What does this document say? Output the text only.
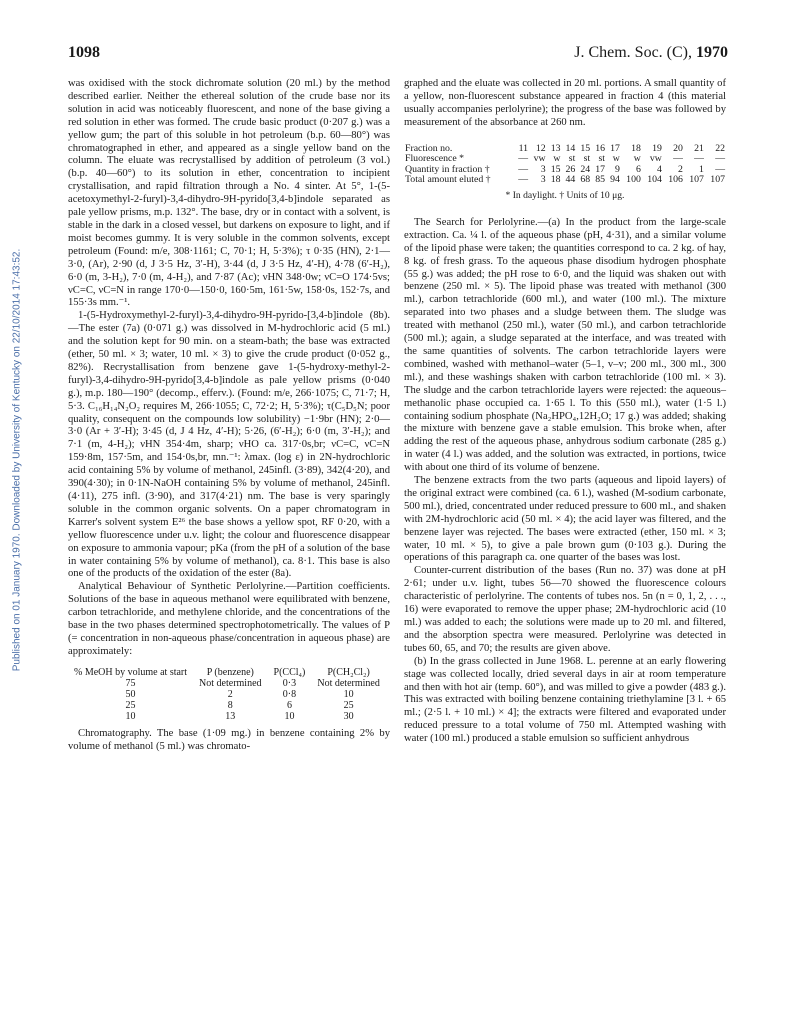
1098	J. Chem. Soc. (C), 1970
Published on 01 January 1970. Downloaded by University of Kentucky on 22/10/2014 17:43:52.

was oxidised with the stock dichromate solution (20 ml.) by the method described earlier. Neither the ethereal solution of the crude base nor its solution in acid was noticeably fluorescent, and none of the base giving a red solution in ether was formed. The crude basic product (0·207 g.) was a yellow gum; the part of this soluble in hot petroleum (b.p. 60—80°) was chromatographed in ether, and appeared as a single yellow band on the column. The eluate was recrystallised by addition of petroleum (3 vol.) (b.p. 40—60°) to its solution in ether, concentration to incipient crystallisation, and rapid filtration through a No. 4 sinter. At 5°, 1-(5-acetoxymethyl-2-furyl)-3,4-dihydro-9H-pyrido[3,4-b]indole separated as pale yellow prisms, m.p. 132°. The base, dry or in contact with a solvent, is stable in the dark in a closed vessel, but darkens on exposure to light, and if moist becomes gummy. It is very soluble in the common solvents, except petroleum (Found: m/e, 308·1161; C, 70·1; H, 5·3%); τ 0·35 (HN), 2·1—3·0, (Ar), 2·90 (d, J 3·5 Hz, 3′-H), 3·44 (d, J 3·5 Hz, 4′-H), 4·78 (6′-H₂), 6·0 (m, 3-H₂), 7·0 (m, 4-H₂), and 7·87 (Ac); νHN 348·0w; νC=O 174·5vs; νC=C, νC=N in range 170·0—150·0, 160·5m, 161·5w, 158·0s, 152·7s, and 155·3s mm.⁻¹.

1-(5-Hydroxymethyl-2-furyl)-3,4-dihydro-9H-pyrido-[3,4-b]indole (8b).—The ester (7a) (0·071 g.) was dissolved in M-hydrochloric acid (5 ml.) and the solution kept for 90 min. on a steam-bath; the base was extracted (ether, 50 ml. × 3; water, 10 ml. × 3) to give the crude product (0·052 g., 82%). Recrystallisation from benzene gave 1-(5-hydroxy-methyl-2-furyl)-3,4-dihydro-9H-pyrido[3,4-b]indole as pale yellow prisms (0·040 g.), m.p. 180—190° (decomp., efferv.). (Found: m/e, 266·1075; C, 71·7; H, 5·3. C₁₆H₁₄N₂O₂ requires M, 266·1055; C, 72·2; H, 5·3%); τ(C₅D₅N; poor quality, consequent on the compounds low solubility) −1·9br (HN); 2·0—3·0 (Ar + 3′-H); 3·45 (d, J 4 Hz, 4′-H); 5·26, (6′-H₂); 6·0 (m, 3′-H₂); and 7·1 (m, 4-H₂); νHN 354·4m, sharp; νHO ca. 317·0s,br; νC=C, νC=N 159·8m, 157·5m, and 154·0s,br, mn.⁻¹: λmax. (log ε) in 2N-hydrochloric acid containing 5% by volume of methanol, 245infl. (3·89), 342(4·20), and 390(4·30); in 0·1N-NaOH containing 5% by volume of methanol, 245infl. (4·11), 275 infl. (3·90), and 317(4·21) nm. The base is very sparingly soluble in the common organic solvents. On a paper chromatogram in Karrer's solvent system E²⁶ the base shows a yellow spot, RF 0·20, with a yellow fluorescence under u.v. light; the colour and fluorescence disappear on exposure to ammonia vapour; pKa (from the pH of a solution of the base in water containing 5% by volume of methanol), ca. 8·1. This base is also one of the products of the oxidation of the ester (8a).

Analytical Behaviour of Synthetic Perlolyrine.—Partition coefficients. Solutions of the base in aqueous methanol were equilibrated with benzene, carbon tetrachloride, and methylene chloride, and the concentrations of the base in the two phases determined spectrophotometrically. The values of P (= concentration in non-aqueous phase/concentration in aqueous phase) are approximately:

% MeOH by volume at start	P (benzene)	P(CCl₄)	P(CH₂Cl₂)
75	Not determined	0·3	Not determined
50	2	0·8	10
25	8	6	25
10	13	10	30

Chromatography. The base (1·09 mg.) in benzene containing 2% by volume of methanol (5 ml.) was chromato-

graphed and the eluate was collected in 20 ml. portions. A small quantity of a yellow, non-fluorescent substance appeared in fraction 4 (this material usually accompanies perlolyrine); the progress of the base was followed by measurement of the absorbance at 260 nm.

Fraction no.	11	12	13	14	15	16	17	18	19	20	21	22
Fluorescence *	—	vw	w	st	st	st	w	w	vw	—	—	—
Quantity in fraction †	—	3	15	26	24	17	9	6	4	2	1	—
Total amount eluted †	—	3	18	44	68	85	94	100	104	106	107	107
* In daylight. † Units of 10 μg.

The Search for Perlolyrine.—(a) In the product from the large-scale extraction. Ca. ¼ l. of the aqueous phase (pH, 4·31), and a similar volume of the lipoid phase were taken; the quantities correspond to ca. 2 kg. of hay, 8 kg. of fresh grass. To the aqueous phase disodium hydrogen phosphate (55 g.) was added; the pH rose to 6·0, and the liquid was shaken out with benzene (250 ml. × 5). The lipoid phase was treated with methanol (300 ml.), carbon tetrachloride (600 ml.), and water (100 ml.). The mixture separated into two phases and a sludge between them. The sludge was treated with methanol (250 ml.), water (50 ml.), and carbon tetrachloride (500 ml.); again, a sludge separated at the interface, and was treated with the same quantities of solvents. The carbon tetrachloride layers were combined, washed with methanol–water (5–1, v–v; 200 ml., 300 ml., 300 ml.), and these washings shaken with carbon tetrachloride (100 ml. × 3). The sludge and the carbon tetrachloride layers were rejected: the aqueous–methanolic phase occupied ca. 1·65 l. To this (550 ml.), water (1·5 l.) containing sodium phosphate (Na₂HPO₄,12H₂O; 17 g.) was added; shaking the mixture with benzene gave a stable emulsion. This broke when, after adding the rest of the aqueous phase, anhydrous sodium carbonate (285 g.) in water (4 l.) was added, and the solution was extracted, in portions, twice with about one third of its volume of benzene.

The benzene extracts from the two parts (aqueous and lipoid layers) of the original extract were combined (ca. 6 l.), washed (M-sodium carbonate, 500 ml.), dried, concentrated under reduced pressure to 600 ml., and shaken with 2M-hydrochloric acid (50 ml. × 4); the acid layer was filtered, and the benzene layer was rejected. The bases were extracted (ether, 150 ml. × 3; water, 10 ml. × 5), to give a pale brown gum (0·103 g.). During the operations of this paragraph ca. one quarter of the bases was lost.

Counter-current distribution of the bases (Run no. 37) was done at pH 2·61; under u.v. light, tubes 56—70 showed the fluorescence colours characteristic of perlolyrine. The contents of tubes nos. 5n (n = 0, 1, 2, . . ., 16) were evaporated to remove the upper phase; 2M-hydrochloric acid (10 ml.) was added to each; the solutions were made up to 20 ml. and filtered, and the absorption spectra were measured. Perlolyrine was detected in tubes 60, 65, and 70; the results are given above.

(b) In the grass collected in June 1968. L. perenne at an early flowering stage was collected locally, dried several days in air at room temperature and then with hot air (temp. 60°), and was milled to give a powder (483 g.). This was extracted with boiling benzene containing triethylamine [3 l. + 65 ml.; (2·5 l. + 10 ml.) × 4]; the extracts were filtered and evaporated under reduced pressure to a total volume of 750 ml. Attempted washing with water (100 ml.) produced a stable emulsion so sufficient anhydrous
